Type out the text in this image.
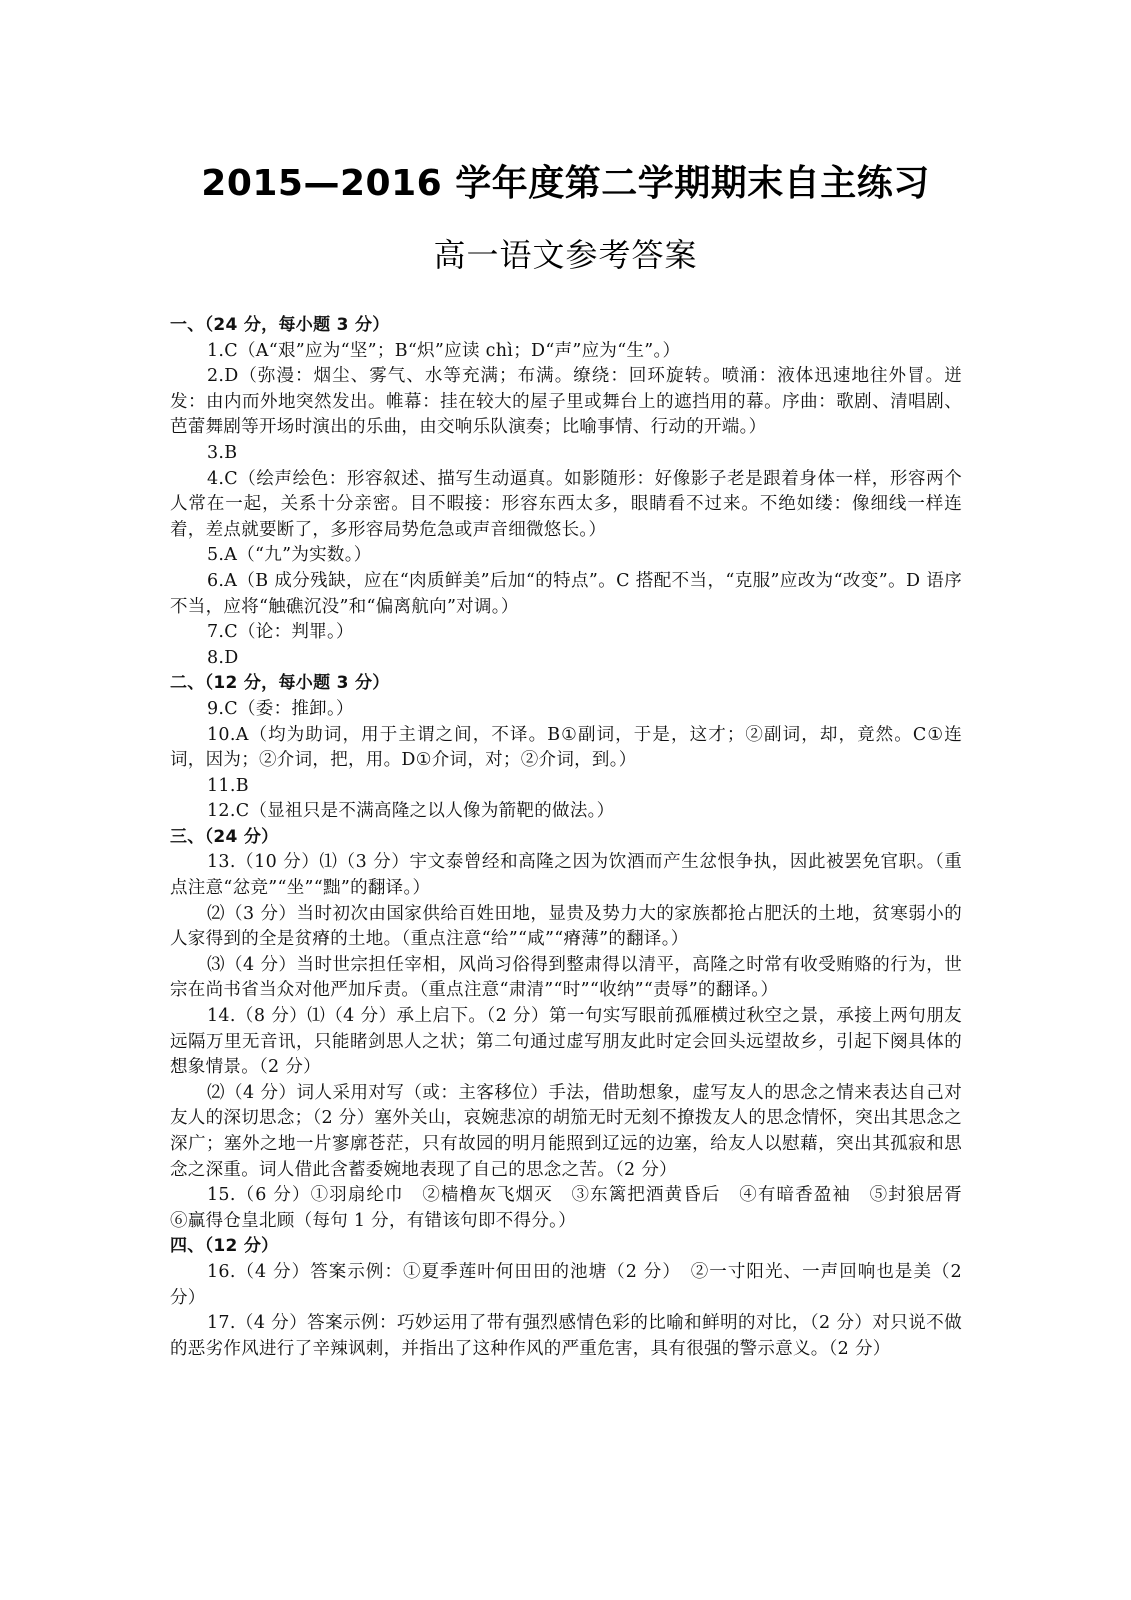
2015—2016 学年度第二学期期末自主练习
高一语文参考答案

一、（24 分，每小题 3 分）

1.C（A“艰”应为“坚”；B“炽”应读 chì；D“声”应为“生”。）

2.D（弥漫：烟尘、雾气、水等充满；布满。缭绕：回环旋转。喷涌：液体迅速地往外冒。迸发：由内而外地突然发出。帷幕：挂在较大的屋子里或舞台上的遮挡用的幕。序曲：歌剧、清唱剧、芭蕾舞剧等开场时演出的乐曲，由交响乐队演奏；比喻事情、行动的开端。）

3.B

4.C（绘声绘色：形容叙述、描写生动逼真。如影随形：好像影子老是跟着身体一样，形容两个人常在一起，关系十分亲密。目不暇接：形容东西太多，眼睛看不过来。不绝如缕：像细线一样连着，差点就要断了，多形容局势危急或声音细微悠长。）

5.A（“九”为实数。）

6.A（B 成分残缺，应在“肉质鲜美”后加“的特点”。C 搭配不当，“克服”应改为“改变”。D 语序不当，应将“触礁沉没”和“偏离航向”对调。）

7.C（论：判罪。）

8.D

二、（12 分，每小题 3 分）

9.C（委：推卸。）

10.A（均为助词，用于主谓之间，不译。B①副词，于是，这才；②副词，却，竟然。C①连词，因为；②介词，把，用。D①介词，对；②介词，到。）

11.B

12.C（显祖只是不满高隆之以人像为箭靶的做法。）

三、（24 分）

13.（10 分）⑴（3 分）宇文泰曾经和高隆之因为饮酒而产生忿恨争执，因此被罢免官职。（重点注意“忿竞”“坐”“黜”的翻译。）

⑵（3 分）当时初次由国家供给百姓田地，显贵及势力大的家族都抢占肥沃的土地，贫寒弱小的人家得到的全是贫瘠的土地。（重点注意“给”“咸”“瘠薄”的翻译。）

⑶（4 分）当时世宗担任宰相，风尚习俗得到整肃得以清平，高隆之时常有收受贿赂的行为，世宗在尚书省当众对他严加斥责。（重点注意“肃清”“时”“收纳”“责辱”的翻译。）

14.（8 分）⑴（4 分）承上启下。（2 分）第一句实写眼前孤雁横过秋空之景，承接上两句朋友远隔万里无音讯，只能睹剑思人之状；第二句通过虚写朋友此时定会回头远望故乡，引起下阕具体的想象情景。（2 分）

⑵（4 分）词人采用对写（或：主客移位）手法，借助想象，虚写友人的思念之情来表达自己对友人的深切思念；（2 分）塞外关山，哀婉悲凉的胡笳无时无刻不撩拨友人的思念情怀，突出其思念之深广；塞外之地一片寥廓苍茫，只有故园的明月能照到辽远的边塞，给友人以慰藉，突出其孤寂和思念之深重。词人借此含蓄委婉地表现了自己的思念之苦。（2 分）

15.（6 分）①羽扇纶巾　②樯橹灰飞烟灭　③东篱把酒黄昏后　④有暗香盈袖　⑤封狼居胥　⑥赢得仓皇北顾（每句 1 分，有错该句即不得分。）

四、（12 分）

16.（4 分）答案示例：①夏季莲叶何田田的池塘（2 分）　②一寸阳光、一声回响也是美（2 分）

17.（4 分）答案示例：巧妙运用了带有强烈感情色彩的比喻和鲜明的对比，（2 分）对只说不做的恶劣作风进行了辛辣讽刺，并指出了这种作风的严重危害，具有很强的警示意义。（2 分）
